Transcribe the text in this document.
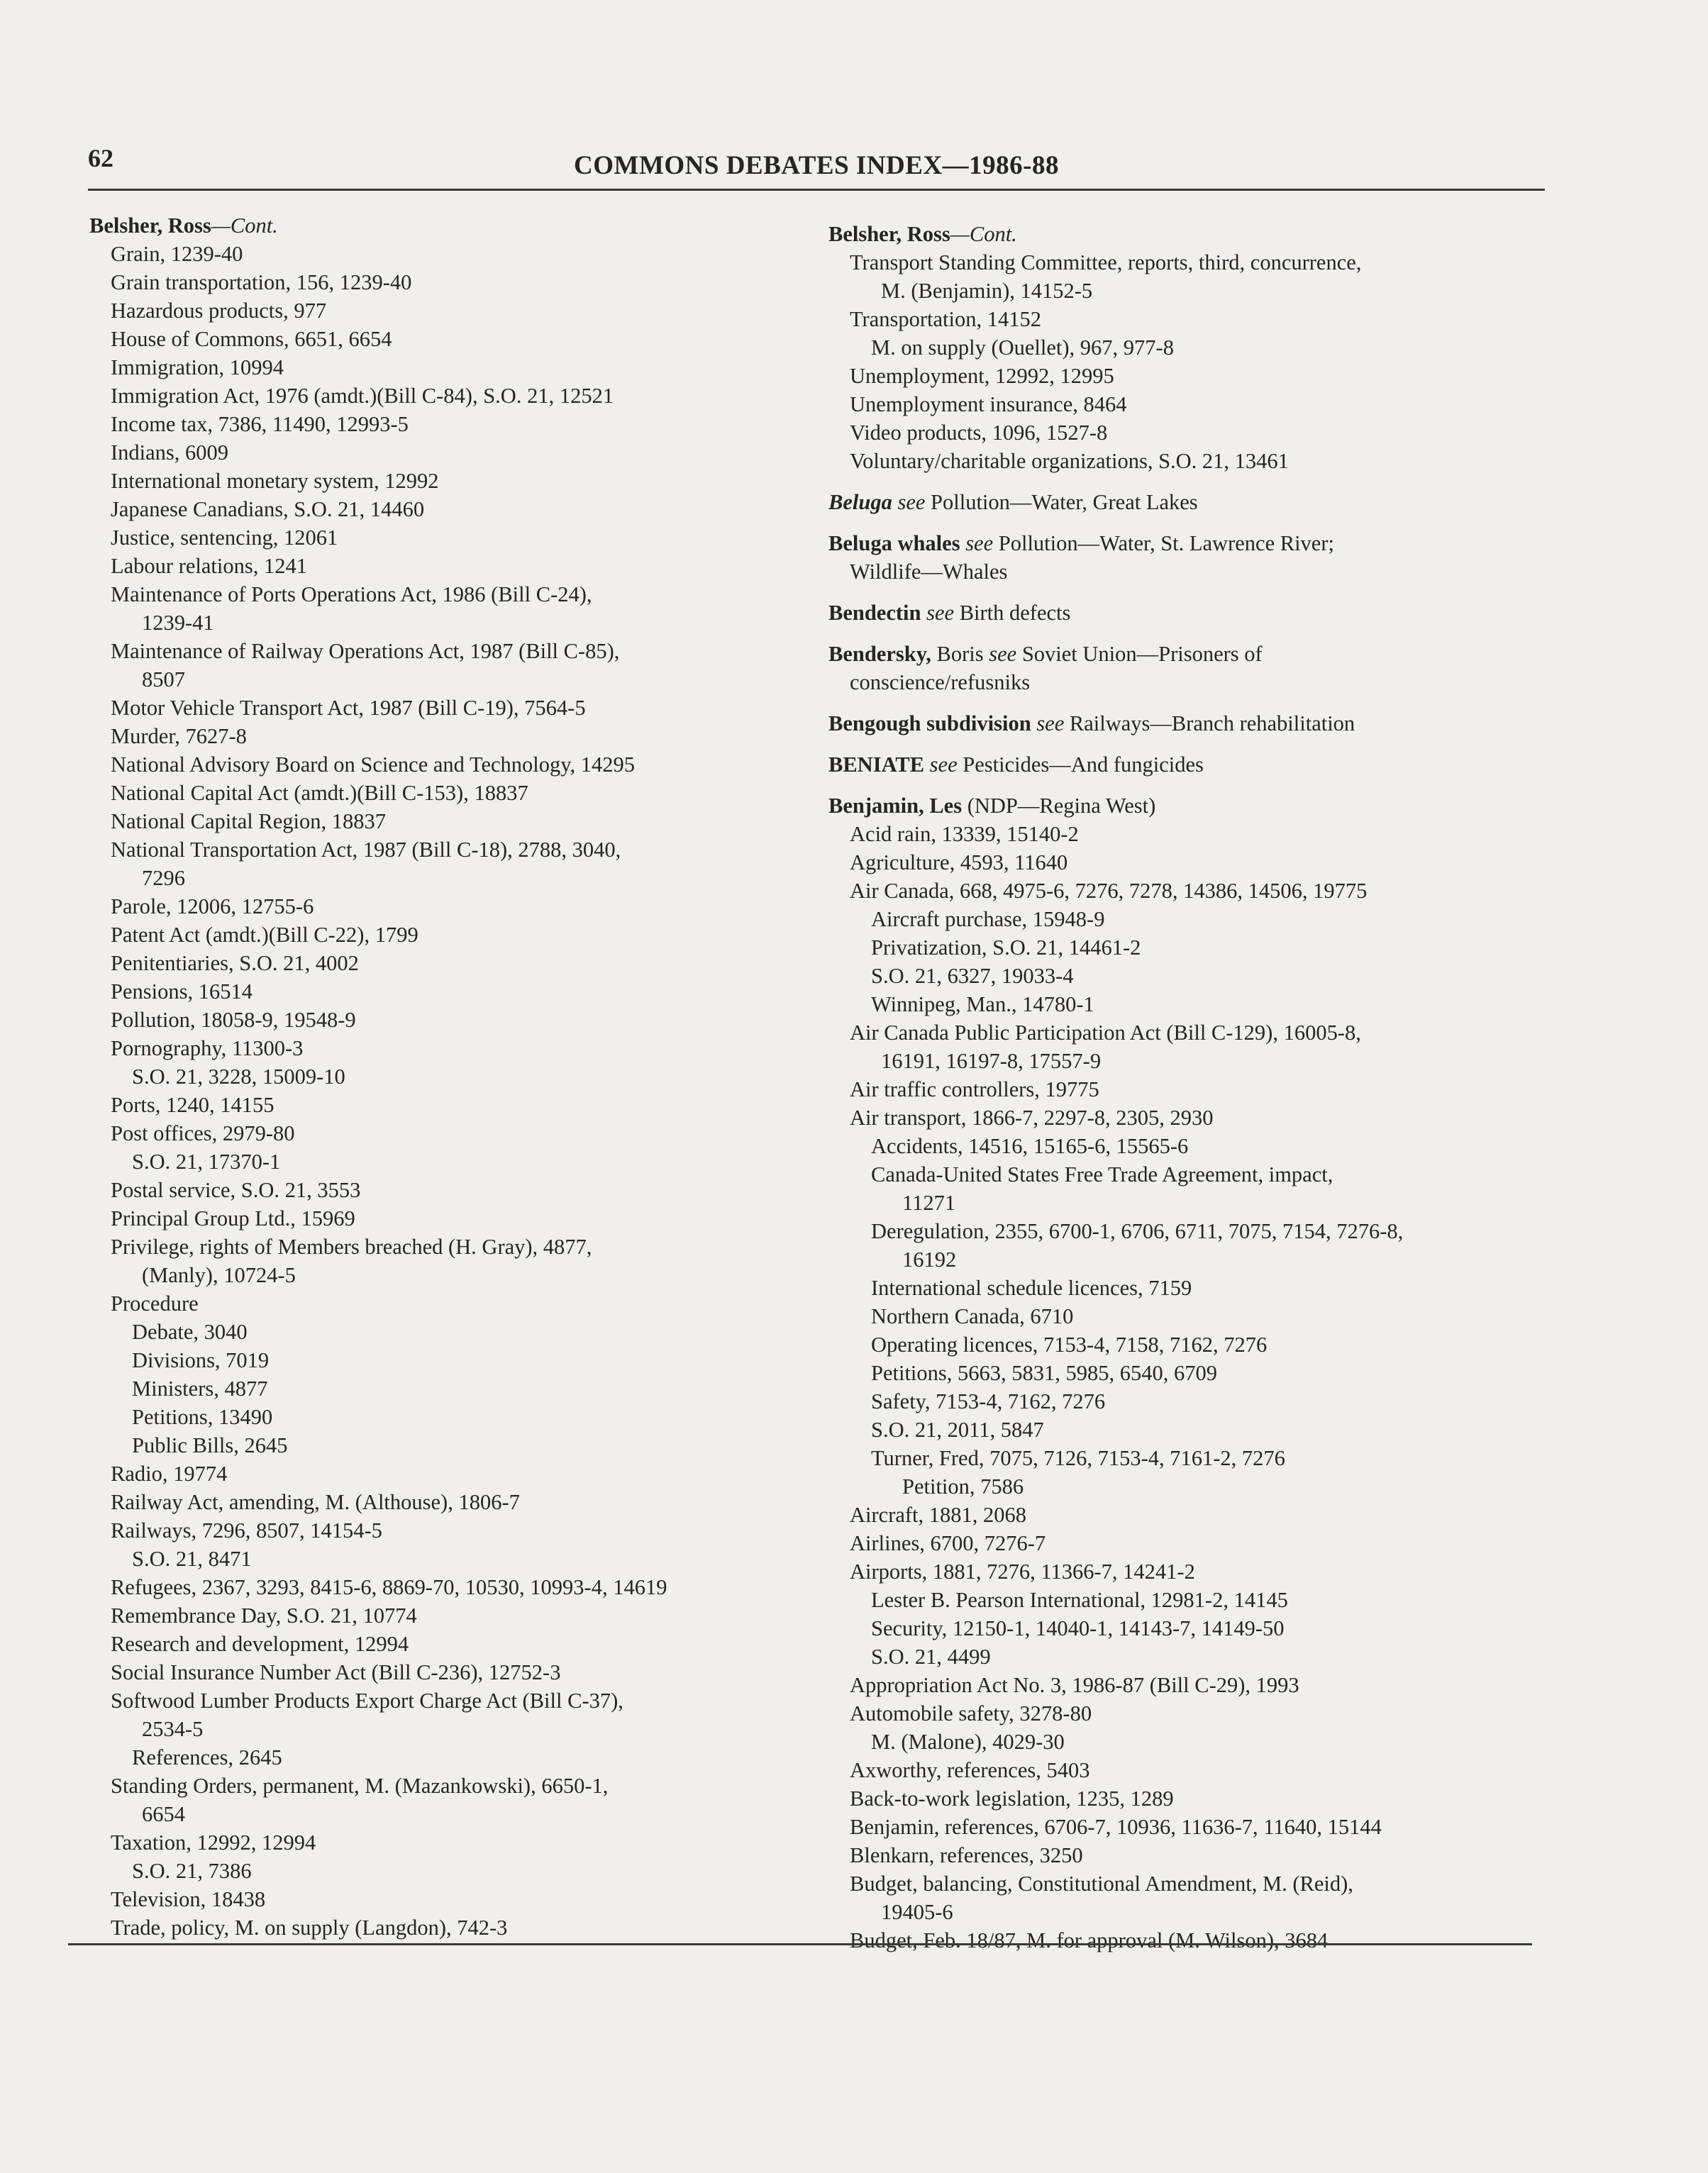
62	COMMONS DEBATES INDEX—1986-88
Belsher, Ross—Cont.
Grain, 1239-40
Grain transportation, 156, 1239-40
Hazardous products, 977
House of Commons, 6651, 6654
Immigration, 10994
Immigration Act, 1976 (amdt.)(Bill C-84), S.O. 21, 12521
Income tax, 7386, 11490, 12993-5
Indians, 6009
International monetary system, 12992
Japanese Canadians, S.O. 21, 14460
Justice, sentencing, 12061
Labour relations, 1241
Maintenance of Ports Operations Act, 1986 (Bill C-24),
1239-41
Maintenance of Railway Operations Act, 1987 (Bill C-85),
8507
Motor Vehicle Transport Act, 1987 (Bill C-19), 7564-5
Murder, 7627-8
National Advisory Board on Science and Technology, 14295
National Capital Act (amdt.)(Bill C-153), 18837
National Capital Region, 18837
National Transportation Act, 1987 (Bill C-18), 2788, 3040,
7296
Parole, 12006, 12755-6
Patent Act (amdt.)(Bill C-22), 1799
Penitentiaries, S.O. 21, 4002
Pensions, 16514
Pollution, 18058-9, 19548-9
Pornography, 11300-3
S.O. 21, 3228, 15009-10
Ports, 1240, 14155
Post offices, 2979-80
S.O. 21, 17370-1
Postal service, S.O. 21, 3553
Principal Group Ltd., 15969
Privilege, rights of Members breached (H. Gray), 4877,
(Manly), 10724-5
Procedure
Debate, 3040
Divisions, 7019
Ministers, 4877
Petitions, 13490
Public Bills, 2645
Radio, 19774
Railway Act, amending, M. (Althouse), 1806-7
Railways, 7296, 8507, 14154-5
S.O. 21, 8471
Refugees, 2367, 3293, 8415-6, 8869-70, 10530, 10993-4, 14619
Remembrance Day, S.O. 21, 10774
Research and development, 12994
Social Insurance Number Act (Bill C-236), 12752-3
Softwood Lumber Products Export Charge Act (Bill C-37),
2534-5
References, 2645
Standing Orders, permanent, M. (Mazankowski), 6650-1,
6654
Taxation, 12992, 12994
S.O. 21, 7386
Television, 18438
Trade, policy, M. on supply (Langdon), 742-3
Belsher, Ross—Cont.
Transport Standing Committee, reports, third, concurrence,
M. (Benjamin), 14152-5
Transportation, 14152
M. on supply (Ouellet), 967, 977-8
Unemployment, 12992, 12995
Unemployment insurance, 8464
Video products, 1096, 1527-8
Voluntary/charitable organizations, S.O. 21, 13461
Beluga see Pollution—Water, Great Lakes
Beluga whales see Pollution—Water, St. Lawrence River;
Wildlife—Whales
Bendectin see Birth defects
Bendersky, Boris see Soviet Union—Prisoners of
conscience/refusniks
Bengough subdivision see Railways—Branch rehabilitation
BENIATE see Pesticides—And fungicides
Benjamin, Les (NDP—Regina West)
Acid rain, 13339, 15140-2
Agriculture, 4593, 11640
Air Canada, 668, 4975-6, 7276, 7278, 14386, 14506, 19775
Aircraft purchase, 15948-9
Privatization, S.O. 21, 14461-2
S.O. 21, 6327, 19033-4
Winnipeg, Man., 14780-1
Air Canada Public Participation Act (Bill C-129), 16005-8,
16191, 16197-8, 17557-9
Air traffic controllers, 19775
Air transport, 1866-7, 2297-8, 2305, 2930
Accidents, 14516, 15165-6, 15565-6
Canada-United States Free Trade Agreement, impact,
11271
Deregulation, 2355, 6700-1, 6706, 6711, 7075, 7154, 7276-8,
16192
International schedule licences, 7159
Northern Canada, 6710
Operating licences, 7153-4, 7158, 7162, 7276
Petitions, 5663, 5831, 5985, 6540, 6709
Safety, 7153-4, 7162, 7276
S.O. 21, 2011, 5847
Turner, Fred, 7075, 7126, 7153-4, 7161-2, 7276
Petition, 7586
Aircraft, 1881, 2068
Airlines, 6700, 7276-7
Airports, 1881, 7276, 11366-7, 14241-2
Lester B. Pearson International, 12981-2, 14145
Security, 12150-1, 14040-1, 14143-7, 14149-50
S.O. 21, 4499
Appropriation Act No. 3, 1986-87 (Bill C-29), 1993
Automobile safety, 3278-80
M. (Malone), 4029-30
Axworthy, references, 5403
Back-to-work legislation, 1235, 1289
Benjamin, references, 6706-7, 10936, 11636-7, 11640, 15144
Blenkarn, references, 3250
Budget, balancing, Constitutional Amendment, M. (Reid),
19405-6
Budget, Feb. 18/87, M. for approval (M. Wilson), 3684
